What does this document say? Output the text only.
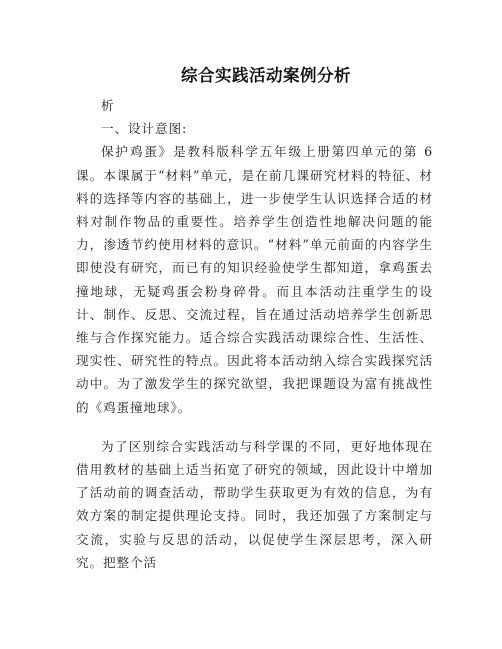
综合实践活动案例分析

析

一、设计意图:

保护鸡蛋》是教科版科学五年级上册第四单元的第 6 课。本课属于“材料”单元，是在前几课研究材料的特征、材料的选择等内容的基础上，进一步使学生认识选择合适的材料对制作物品的重要性。培养学生创造性地解决问题的能力，渗透节约使用材料的意识。“材料”单元前面的内容学生即使没有研究，而已有的知识经验使学生都知道，拿鸡蛋去撞地球，无疑鸡蛋会粉身碎骨。而且本活动注重学生的设计、制作、反思、交流过程，旨在通过活动培养学生创新思维与合作探究能力。适合综合实践活动课综合性、生活性、现实性、研究性的特点。因此将本活动纳入综合实践探究活动中。为了激发学生的探究欲望，我把课题设为富有挑战性的《鸡蛋撞地球》。

为了区别综合实践活动与科学课的不同，更好地体现在借用教材的基础上适当拓宽了研究的领域，因此设计中增加了活动前的调查活动，帮助学生获取更为有效的信息，为有效方案的制定提供理论支持。同时，我还加强了方案制定与交流，实验与反思的活动，以促使学生深层思考，深入研究。把整个活
